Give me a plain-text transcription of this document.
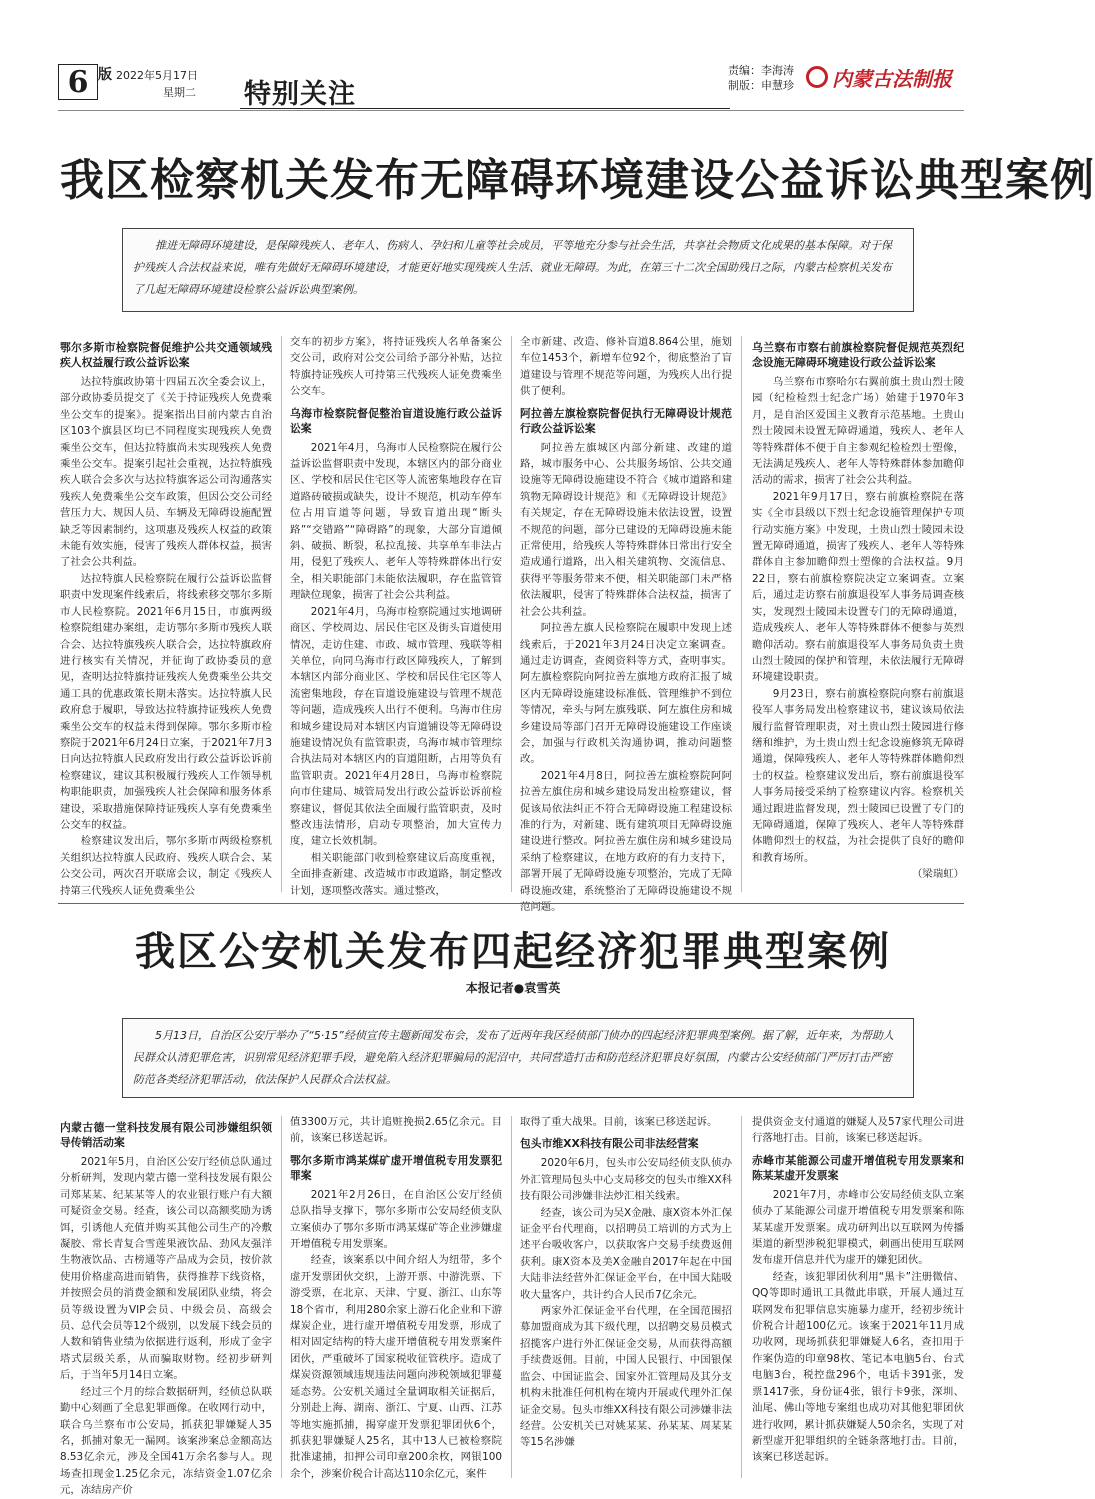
6 版 2022年5月17日
星期二 特别关注
责编：李海涛
制版：申慧珍 内蒙古法制报
我区检察机关发布无障碍环境建设公益诉讼典型案例

推进无障碍环境建设，是保障残疾人、老年人、伤病人、孕妇和儿童等社会成员，平等地充分参与社会生活，共享社会物质文化成果的基本保障。对于保护残疾人合法权益来说，唯有先做好无障碍环境建设，才能更好地实现残疾人生活、就业无障碍。为此，在第三十二次全国助残日之际，内蒙古检察机关发布了几起无障碍环境建设检察公益诉讼典型案例。

鄂尔多斯市检察院督促维护公共交通领域残疾人权益履行政公益诉讼案

达拉特旗政协第十四届五次全委会议上，部分政协委员提交了《关于持证残疾人免费乘坐公交车的提案》。提案指出目前内蒙古自治区103个旗县区均已不同程度实现残疾人免费乘坐公交车，但达拉特旗尚未实现残疾人免费乘坐公交车。提案引起社会重视，达拉特旗残疾人联合会多次与达拉特旗客运公司沟通落实残疾人免费乘坐公交车政策，但因公交公司经营压力大、规因人员、车辆及无障碍设施配置缺乏等因素制约，这项惠及残疾人权益的政策未能有效实施，侵害了残疾人群体权益，损害了社会公共利益。

达拉特旗人民检察院在履行公益诉讼监督职责中发现案件线索后，将线索移交鄂尔多斯市人民检察院。2021年6月15日，市旗两级检察院组建办案组，走访鄂尔多斯市残疾人联合会、达拉特旗残疾人联合会，达拉特旗政府进行核实有关情况，并征询了政协委员的意见，查明达拉特旗持证残疾人免费乘坐公共交通工具的优惠政策长期未落实。达拉特旗人民政府怠于履职，导致达拉特旗持证残疾人免费乘坐公交车的权益未得到保障。鄂尔多斯市检察院于2021年6月24日立案，于2021年7月3日向达拉特旗人民政府发出行政公益诉讼诉前检察建议，建议其积极履行残疾人工作领导机构职能职责，加强残疾人社会保障和服务体系建设，采取措施保障持证残疾人享有免费乘坐公交车的权益。

检察建议发出后，鄂尔多斯市两级检察机关组织达拉特旗人民政府、残疾人联合会、某公交公司，两次召开联席会议，制定《残疾人持第三代残疾人证免费乘坐公

交车的初步方案》，将持证残疾人名单备案公交公司，政府对公交公司给予部分补贴，达拉特旗持证残疾人可持第三代残疾人证免费乘坐公交车。

乌海市检察院督促整治盲道设施行政公益诉讼案

2021年4月，乌海市人民检察院在履行公益诉讼监督职责中发现，本辖区内的部分商业区、学校和居民住宅区等人流密集地段存在盲道路砖破损或缺失，设计不规范，机动车停车位占用盲道等问题，导致盲道出现“断头路”“交错路”“障碍路”的现象，大部分盲道倾斜、破损、断裂，私拉乱接、共享单车非法占用，侵犯了残疾人、老年人等特殊群体出行安全，相关职能部门未能依法履职，存在监管管理缺位现象，损害了社会公共利益。

2021年4月，乌海市检察院通过实地调研商区、学校周边、居民住宅区及街头盲道使用情况，走访住建、市政、城市管理、残联等相关单位，向同乌海市行政区障残疾人，了解到本辖区内部分商业区、学校和居民住宅区等人流密集地段，存在盲道设施建设与管理不规范等问题，造成残疾人出行不便利。乌海市住房和城乡建设局对本辖区内盲道铺设等无障碍设施建设情况负有监管职责，乌海市城市管理综合执法局对本辖区内的盲道阻断，占用等负有监管职责。2021年4月28日，乌海市检察院向市住建局、城管局发出行政公益诉讼诉前检察建议，督促其依法全面履行监管职责，及时整改违法情形，启动专项整治，加大宣传力度，建立长效机制。

相关职能部门收到检察建议后高度重视，全面排查新建、改造城市市政道路，制定整改计划，逐项整改落实。通过整改，

全市新建、改造、修补盲道8.864公里，施划车位1453个，新增车位92个，彻底整治了盲道建设与管理不规范等问题，为残疾人出行提供了便利。

阿拉善左旗检察院督促执行无障碍设计规范行政公益诉讼案

阿拉善左旗城区内部分新建、改建的道路，城市服务中心、公共服务场馆、公共交通设施等无障碍设施建设不符合《城市道路和建筑物无障碍设计规范》和《无障碍设计规范》有关规定，存在无障碍设施未依法设置，设置不规范的问题，部分已建设的无障碍设施未能正常使用，给残疾人等特殊群体日常出行安全造成通行道路，出入相关建筑物、交流信息、获得平等服务带来不便，相关职能部门未严格依法履职，侵害了特殊群体合法权益，损害了社会公共利益。

阿拉善左旗人民检察院在履职中发现上述线索后，于2021年3月24日决定立案调查。通过走访调查，查阅资料等方式，查明事实。阿左旗检察院向阿拉善左旗地方政府汇报了城区内无障碍设施建设标准低、管理维护不到位等情况，牵头与阿左旗残联、阿左旗住房和城乡建设局等部门召开无障碍设施建设工作座谈会，加强与行政机关沟通协调，推动问题整改。

2021年4月8日，阿拉善左旗检察院阿阿拉善左旗住房和城乡建设局发出检察建议，督促该局依法纠正不符合无障碍设施工程建设标准的行为，对新建、既有建筑项目无障碍设施建设进行整改。阿拉善左旗住房和城乡建设局采纳了检察建议，在地方政府的有力支持下，部署开展了无障碍设施专项整治，完成了无障碍设施改建，系统整治了无障碍设施建设不规范问题。

乌兰察布市察右前旗检察院督促规范英烈纪念设施无障碍环境建设行政公益诉讼案

乌兰察布市察哈尔右翼前旗土贵山烈士陵园（纪检检烈士纪念广场）始建于1970年3月，是自治区爱国主义教育示范基地。土贵山烈士陵园未设置无障碍通道，残疾人、老年人等特殊群体不便于自主参观纪检检烈士塑像，无法满足残疾人、老年人等特殊群体参加瞻仰活动的需求，损害了社会公共利益。

2021年9月17日，察右前旗检察院在落实《全市县级以下烈士纪念设施管理保护专项行动实施方案》中发现，土贵山烈士陵园未设置无障碍通道，损害了残疾人、老年人等特殊群体自主参加瞻仰烈士塑像的合法权益。9月22日，察右前旗检察院决定立案调查。立案后，通过走访察右前旗退役军人事务局调查核实，发现烈士陵园未设置专门的无障碍通道，造成残疾人、老年人等特殊群体不便参与英烈瞻仰活动。察右前旗退役军人事务局负责土贵山烈士陵园的保护和管理，未依法履行无障碍环境建设职责。

9月23日，察右前旗检察院向察右前旗退役军人事务局发出检察建议书，建议该局依法履行监督管理职责，对土贵山烈士陵园进行修缮和维护，为土贵山烈士纪念设施修筑无障碍通道，保障残疾人、老年人等特殊群体瞻仰烈士的权益。检察建议发出后，察右前旗退役军人事务局接受采纳了检察建议内容。检察机关通过跟进监督发现，烈士陵园已设置了专门的无障碍通道，保障了残疾人、老年人等特殊群体瞻仰烈士的权益，为社会提供了良好的瞻仰和教育场所。

（梁瑞虹）

我区公安机关发布四起经济犯罪典型案例
本报记者●袁雪英

5月13日，自治区公安厅举办了“5·15”经侦宣传主题新闻发布会，发布了近两年我区经侦部门侦办的四起经济犯罪典型案例。据了解，近年来，为帮助人民群众认清犯罪危害，识别常见经济犯罪手段，避免陷入经济犯罪骗局的泥沼中，共同营造打击和防范经济犯罪良好氛围，内蒙古公安经侦部门严厉打击严密防范各类经济犯罪活动，依法保护人民群众合法权益。

内蒙古德一堂科技发展有限公司涉嫌组织领导传销活动案

2021年5月，自治区公安厅经侦总队通过分析研判，发现内蒙古德一堂科技发展有限公司郑某某、纪某某等人的农业银行账户有大额可疑资金交易。经查，该公司以高额奖励为诱饵，引诱他人充值并购买其他公司生产的冷敷凝胶、常长青复合雪莲果液饮品、劲风友强洋生物液饮品、古榜通等产品成为会员，按价款使用价格虚高进而销售，获得推荐下线资格，并按照会员的消费金额和发展团队业绩，将会员等级设置为VIP会员、中级会员、高级会员、总代会员等12个级别，以发展下线会员的人数和销售业绩为依据进行返利，形成了金字塔式层级关系，从而骗取财物。经初步研判后，于当年5月14日立案。

经过三个月的综合数据研判，经侦总队联勤中心刻画了全息犯罪画像。在收网行动中，联合乌兰察布市公安局，抓获犯罪嫌疑人35名，抓捕对象无一漏网。该案涉案总金额高达8.53亿余元，涉及全国41万余名参与人。现场查扣现金1.25亿余元，冻结资金1.07亿余元，冻结房产价

值3300万元，共计追赃挽损2.65亿余元。目前，该案已移送起诉。

鄂尔多斯市鸿某煤矿虚开增值税专用发票犯罪案

2021年2月26日，在自治区公安厅经侦总队指导支撑下，鄂尔多斯市公安局经侦支队立案侦办了鄂尔多斯市鸿某煤矿等企业涉嫌虚开增值税专用发票案。

经查，该案系以中间介绍人为纽带，多个虚开发票团伙交织，上游开票、中游洗票、下游受票，在北京、天津、宁夏、浙江、山东等18个省市，利用280余家上游石化企业和下游煤炭企业，进行虚开增值税专用发票，形成了相对固定结构的特大虚开增值税专用发票案件团伙，严重破坏了国家税收征管秩序。造成了煤炭资源领域违规违法问题向涉税领域犯罪蔓延态势。公安机关通过全量调取相关证据后，分别赴上海、湖南、浙江、宁夏、山西、江苏等地实施抓捕，揭穿虚开发票犯罪团伙6个，抓获犯罪嫌疑人25名，其中13人已被检察院批准逮捕，扣押公司印章200余枚，网银100余个，涉案价税合计高达110余亿元，案件

取得了重大战果。目前，该案已移送起诉。

包头市维XX科技有限公司非法经营案

2020年6月，包头市公安局经侦支队侦办外汇管理局包头中心支局移交的包头市维XX科技有限公司涉嫌非法炒汇相关线索。

经查，该公司为吴X金融、康X资本外汇保证金平台代理商，以招聘员工培训的方式为上述平台吸收客户，以获取客户交易手续费返佣获利。康X资本及美X金融自2017年起在中国大陆非法经营外汇保证金平台，在中国大陆吸收大量客户，共计约合人民币7亿余元。

两家外汇保证金平台代理，在全国范围招募加盟商成为其下级代理，以招聘交易员模式招揽客户进行外汇保证金交易，从而获得高额手续费返佣。目前，中国人民银行、中国银保监会、中国证监会、国家外汇管理局及其分支机构未批准任何机构在境内开展或代理外汇保证金交易。包头市维XX科技有限公司涉嫌非法经营。公安机关已对姚某某、孙某某、周某某等15名涉嫌

提供资金支付通道的嫌疑人及57家代理公司进行落地打击。目前，该案已移送起诉。

赤峰市某能源公司虚开增值税专用发票案和陈某某虚开发票案

2021年7月，赤峰市公安局经侦支队立案侦办了某能源公司虚开增值税专用发票案和陈某某虚开发票案。成功研判出以互联网为传播渠道的新型涉税犯罪模式，刺画出使用互联网发布虚开信息并代为虚开的嫌犯团伙。

经查，该犯罪团伙利用“黑卡”注册微信、QQ等即时通讯工具微此串联，开展人通过互联网发布犯罪信息实施暴力虚开，经初步统计价税合计超100亿元。该案于2021年11月成功收网，现场抓获犯罪嫌疑人6名，查扣用于作案伪造的印章98枚、笔记本电脑5台、台式电脑3台，税控盘296个，电话卡391张，发票1417张，身份证4张，银行卡9张，深圳、汕尾、佛山等地专案组也成功对其他犯罪团伙进行收网，累计抓获嫌疑人50余名，实现了对新型虚开犯罪组织的全链条落地打击。目前，该案已移送起诉。
